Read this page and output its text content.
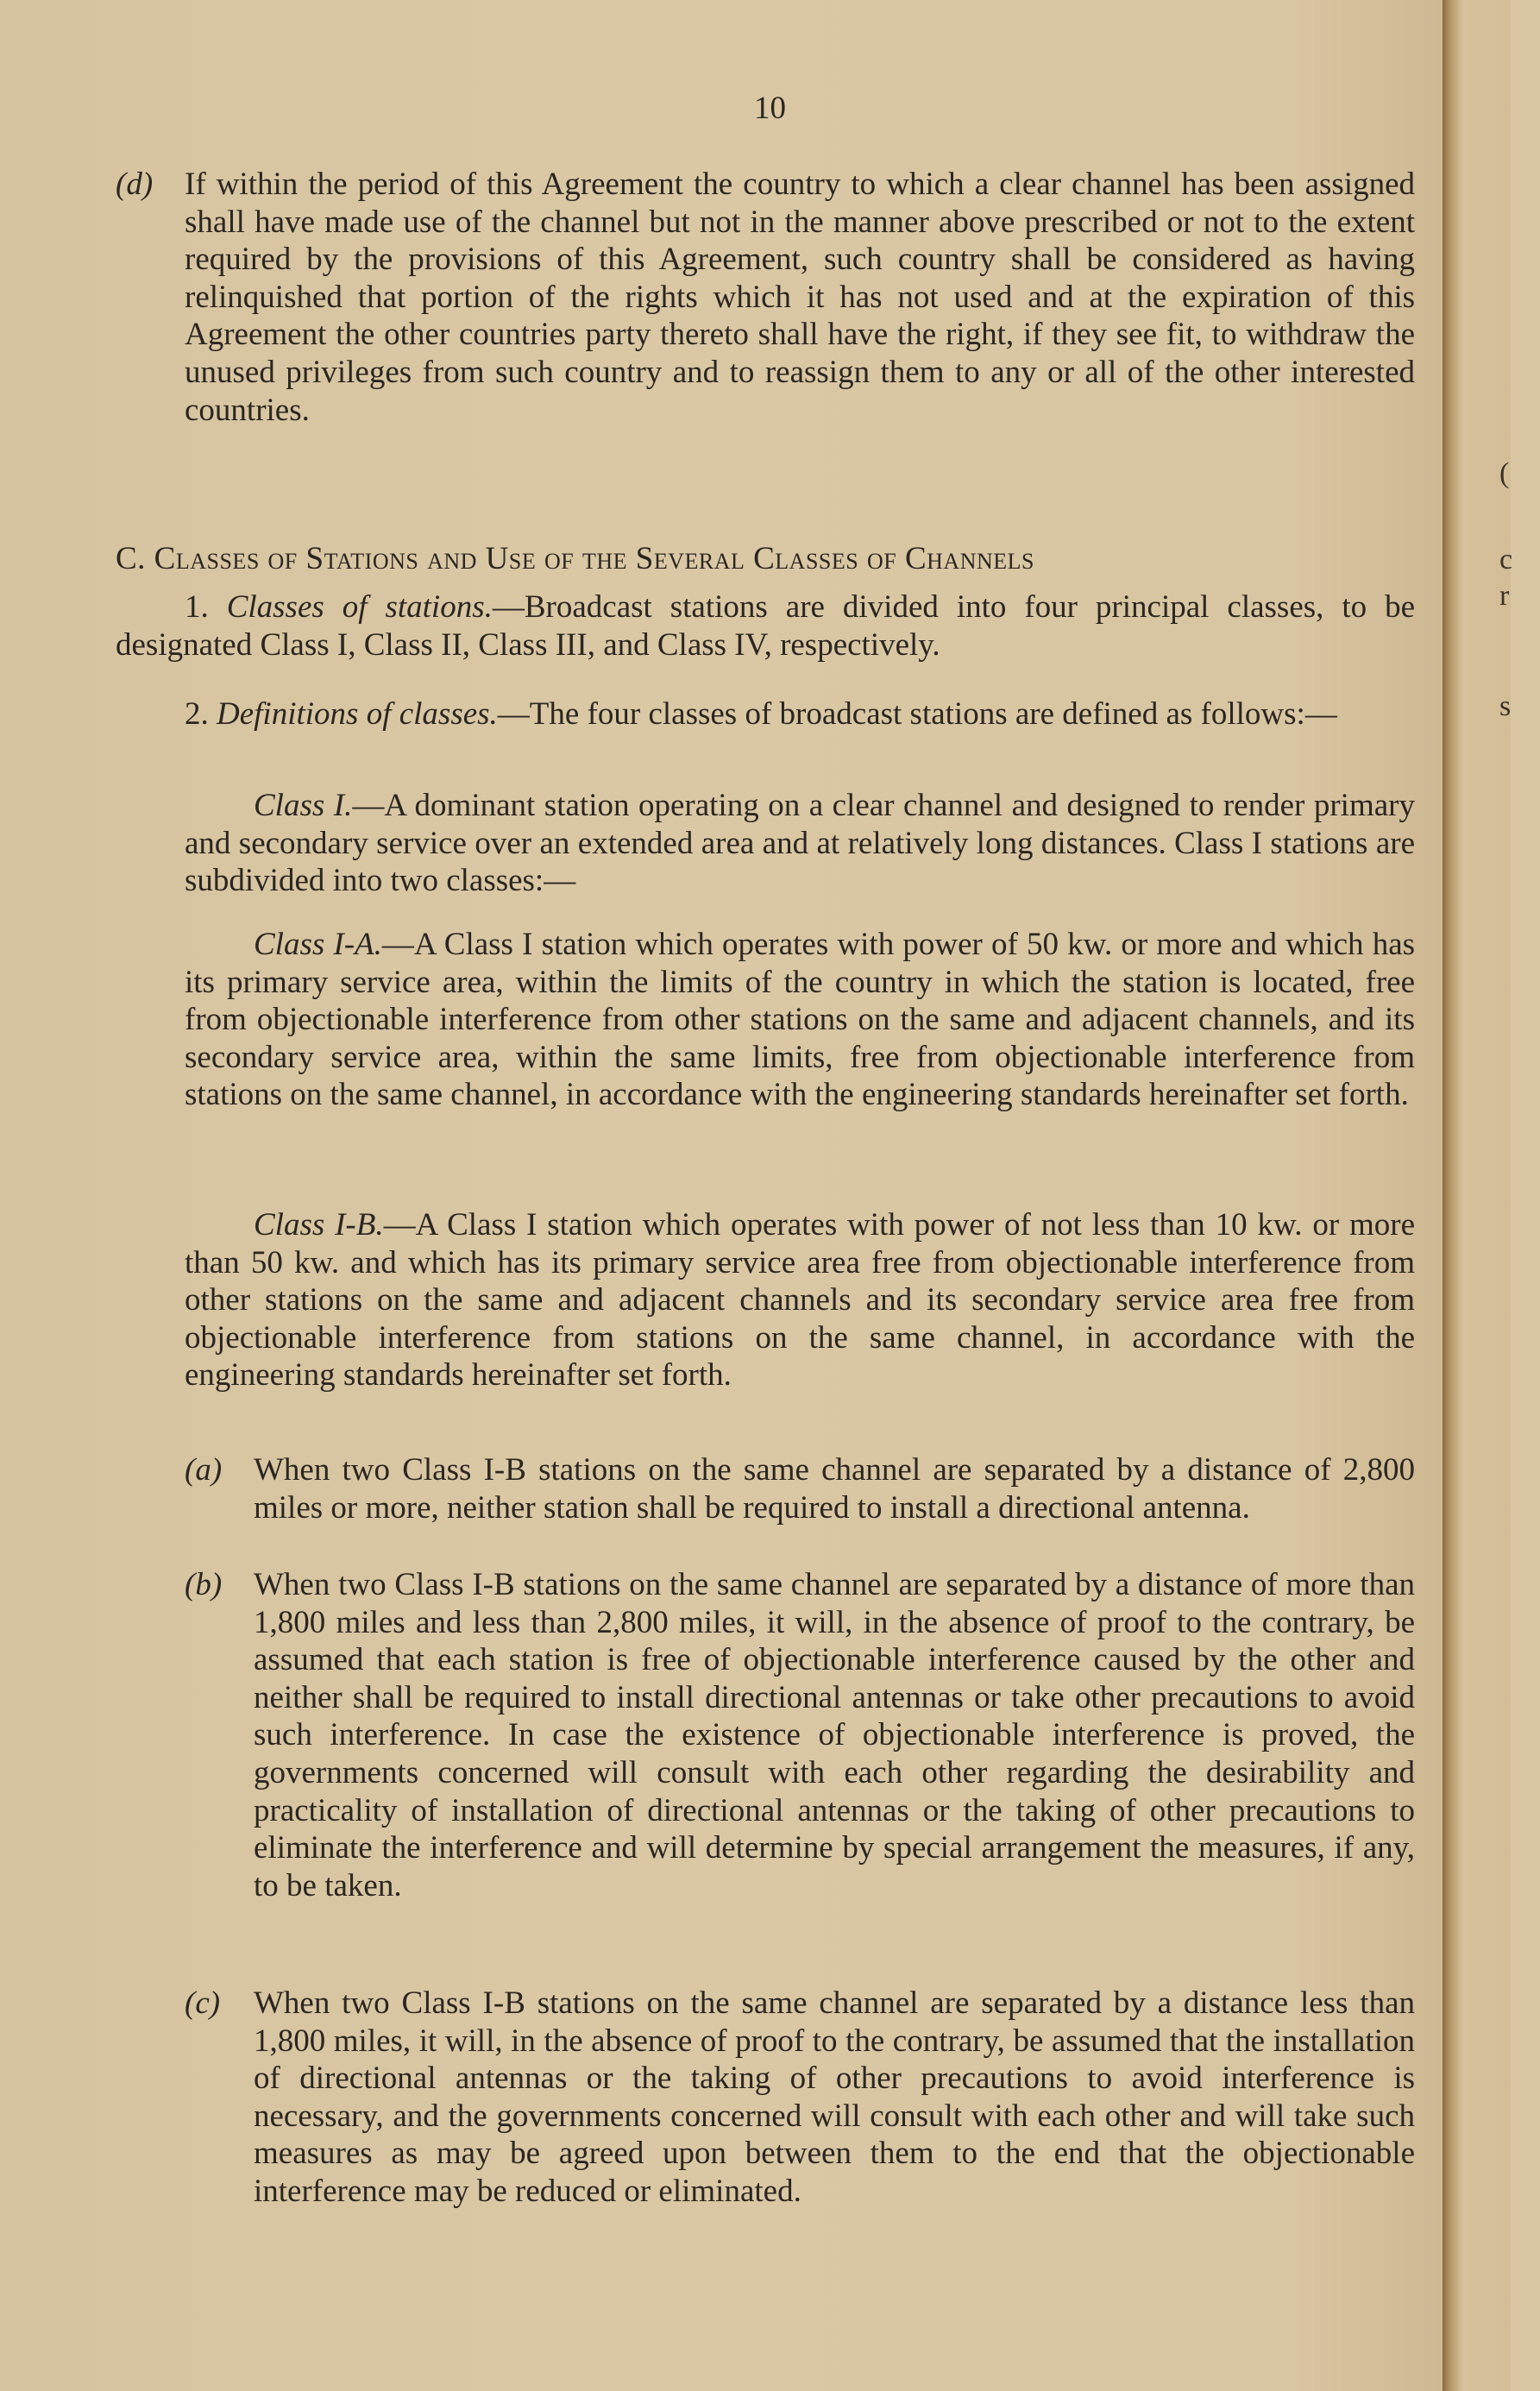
(
c
r
s
10
(d) If within the period of this Agreement the country to which a clear channel has been assigned shall have made use of the channel but not in the manner above prescribed or not to the extent required by the provisions of this Agreement, such country shall be considered as having relinquished that portion of the rights which it has not used and at the expiration of this Agreement the other countries party thereto shall have the right, if they see fit, to withdraw the unused privileges from such country and to reassign them to any or all of the other interested countries.
C. Classes of Stations and Use of the Several Classes of Channels
1. Classes of stations.—Broadcast stations are divided into four principal classes, to be designated Class I, Class II, Class III, and Class IV, respectively.
2. Definitions of classes.—The four classes of broadcast stations are defined as follows:—
Class I.—A dominant station operating on a clear channel and designed to render primary and secondary service over an extended area and at relatively long distances. Class I stations are subdivided into two classes:—
Class I-A.—A Class I station which operates with power of 50 kw. or more and which has its primary service area, within the limits of the country in which the station is located, free from objectionable interference from other stations on the same and adjacent channels, and its secondary service area, within the same limits, free from objectionable interference from stations on the same channel, in accordance with the engineering standards hereinafter set forth.
Class I-B.—A Class I station which operates with power of not less than 10 kw. or more than 50 kw. and which has its primary service area free from objectionable interference from other stations on the same and adjacent channels and its secondary service area free from objectionable interference from stations on the same channel, in accordance with the engineering standards hereinafter set forth.
(a) When two Class I-B stations on the same channel are separated by a distance of 2,800 miles or more, neither station shall be required to install a directional antenna.
(b) When two Class I-B stations on the same channel are separated by a distance of more than 1,800 miles and less than 2,800 miles, it will, in the absence of proof to the contrary, be assumed that each station is free of objectionable interference caused by the other and neither shall be required to install directional antennas or take other precautions to avoid such interference. In case the existence of objectionable interference is proved, the governments concerned will consult with each other regarding the desirability and practicality of installation of directional antennas or the taking of other precautions to eliminate the interference and will determine by special arrangement the measures, if any, to be taken.
(c) When two Class I-B stations on the same channel are separated by a distance less than 1,800 miles, it will, in the absence of proof to the contrary, be assumed that the installation of directional antennas or the taking of other precautions to avoid interference is necessary, and the governments concerned will consult with each other and will take such measures as may be agreed upon between them to the end that the objectionable interference may be reduced or eliminated.
